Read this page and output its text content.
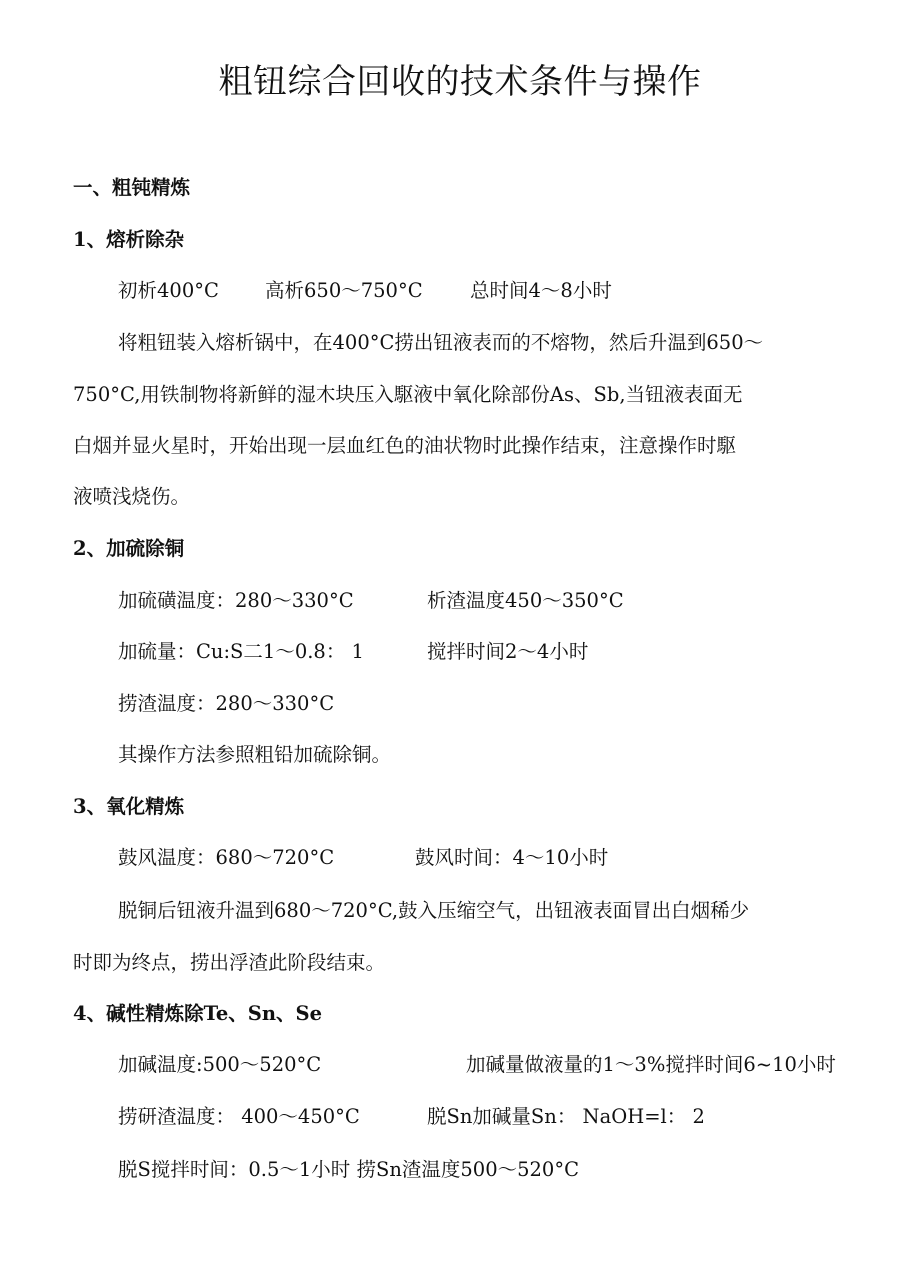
粗钮综合回收的技术条件与操作
一、粗钝精炼
1、熔析除杂
初析400°C 高析650～750°C 总时间4～8小时
将粗钮装入熔析锅中，在400°C捞出钮液表而的不熔物，然后升温到650～
750°C,用铁制物将新鲜的湿木块压入駆液中氧化除部份As、Sb,当钮液表面无
白烟并显火星时，开始出现一层血红色的油状物时此操作结束，注意操作时駆
液喷浅烧伤。
2、加硫除铜
加硫磺温度：280～330°C	析渣温度450～350°C
加硫量：Cu:S二1～0.8： 1	搅拌时间2～4小时
捞渣温度：280～330°C
其操作方法参照粗铅加硫除铜。
3、氧化精炼
鼓风温度：680～720°C	鼓风时间：4～10小时
脱铜后钮液升温到680～720°C,鼓入压缩空气，出钮液表面冒出白烟稀少
时即为终点，捞出浮渣此阶段结束。
4、碱性精炼除Te、Sn、Se
加碱温度:500～520°C	加碱量做液量的1～3%搅拌时间6~10小时
捞研渣温度： 400～450°C	脱Sn加碱量Sn： NaOH=l： 2
脱S搅拌时间：0.5～1小时 捞Sn渣温度500～520°C
